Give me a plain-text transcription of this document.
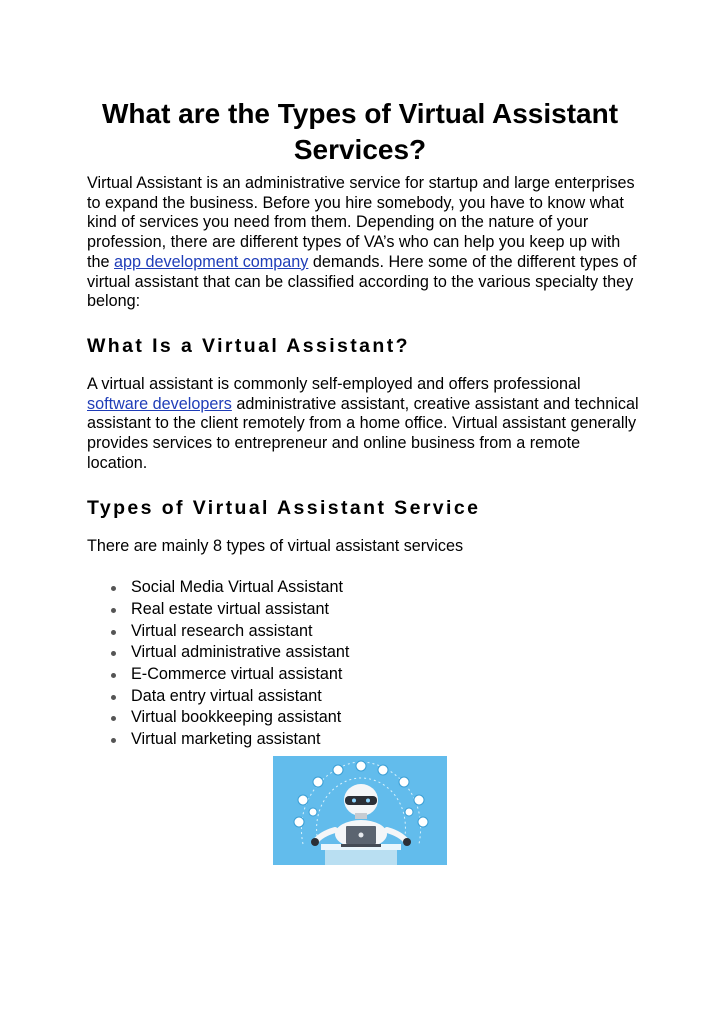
What are the Types of Virtual Assistant Services?

Virtual Assistant is an administrative service for startup and large enterprises to expand the business. Before you hire somebody, you have to know what kind of services you need from them. Depending on the nature of your profession, there are different types of VA’s who can help you keep up with the app development company demands. Here some of the different types of virtual assistant that can be classified according to the various specialty they belong:

What Is a Virtual Assistant?

A virtual assistant is commonly self-employed and offers professional software developers administrative assistant, creative assistant and technical assistant to the client remotely from a home office. Virtual assistant generally provides services to entrepreneur and online business from a remote location.

Types of Virtual Assistant Service

There are mainly 8 types of virtual assistant services

Social Media Virtual Assistant
Real estate virtual assistant
Virtual research assistant
Virtual administrative assistant
E-Commerce virtual assistant
Data entry virtual assistant
Virtual bookkeeping assistant
Virtual marketing assistant
